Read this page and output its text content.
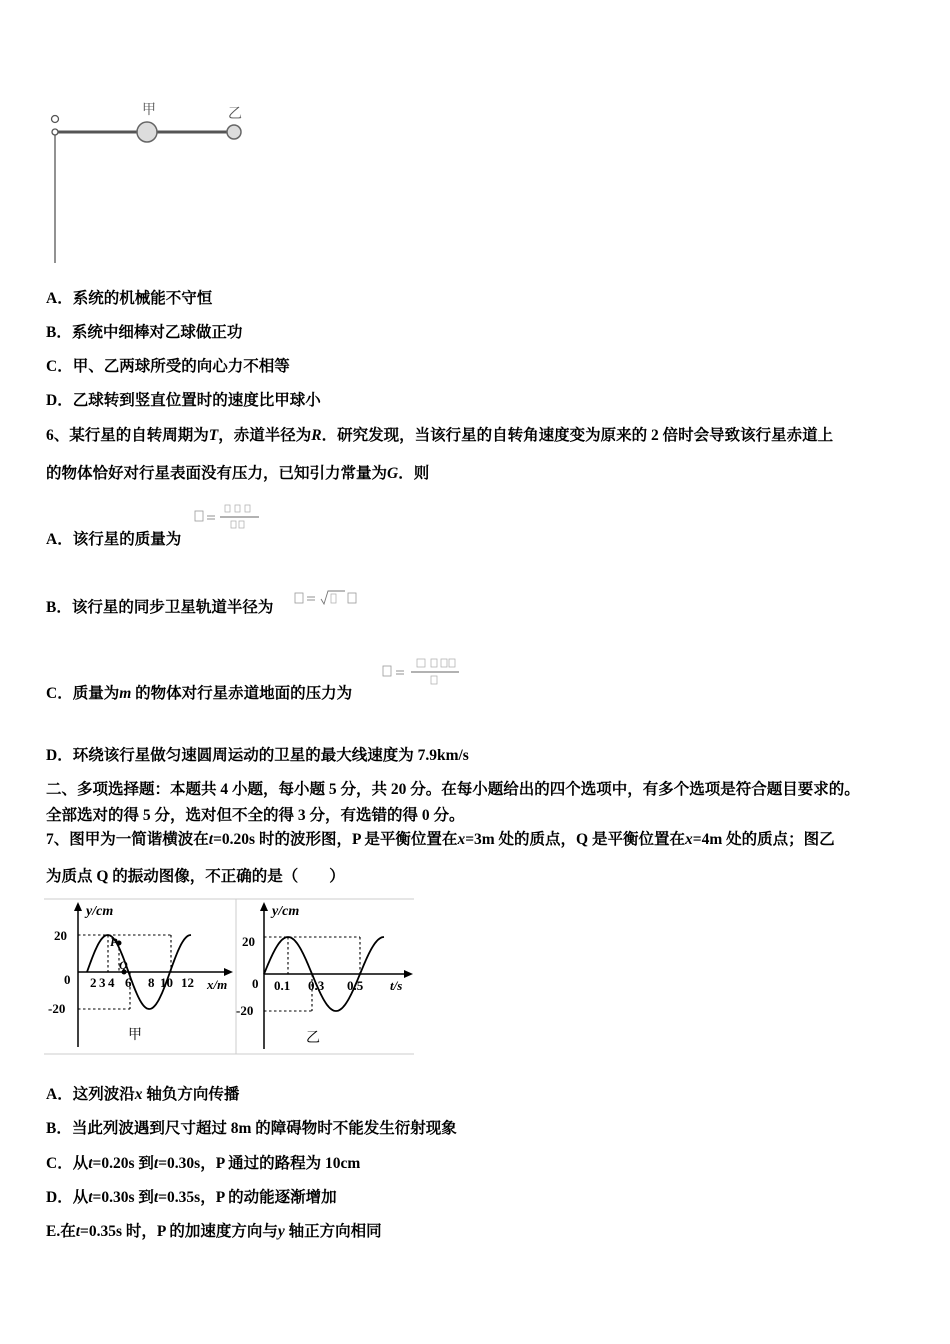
甲	乙
A．系统的机械能不守恒
B．系统中细棒对乙球做正功
C．甲、乙两球所受的向心力不相等
D．乙球转到竖直位置时的速度比甲球小
6、某行星的自转周期为T，赤道半径为R．研究发现，当该行星的自转角速度变为原来的 2 倍时会导致该行星赤道上
的物体恰好对行星表面没有压力，已知引力常量为G．则
A．该行星的质量为
B．该行星的同步卫星轨道半径为
C．质量为m 的物体对行星赤道地面的压力为
D．环绕该行星做匀速圆周运动的卫星的最大线速度为 7.9km/s
二、多项选择题：本题共 4 小题，每小题 5 分，共 20 分。在每小题给出的四个选项中，有多个选项是符合题目要求的。
全部选对的得 5 分，选对但不全的得 3 分，有选错的得 0 分。
7、图甲为一简谐横波在t=0.20s 时的波形图，P 是平衡位置在x=3m 处的质点，Q 是平衡位置在x=4m 处的质点；图乙
为质点 Q 的振动图像，不正确的是（　　）
y/cm
x/m
20
-20
0
P
Q
2 3 4 6 8 10 12
甲
y/cm
t/s
20
-20
0 0.1 0.3 0.5
乙
A．这列波沿x 轴负方向传播
B．当此列波遇到尺寸超过 8m 的障碍物时不能发生衍射现象
C．从t=0.20s 到t=0.30s，P 通过的路程为 10cm
D．从t=0.30s 到t=0.35s，P 的动能逐渐增加
E.在t=0.35s 时，P 的加速度方向与y 轴正方向相同
